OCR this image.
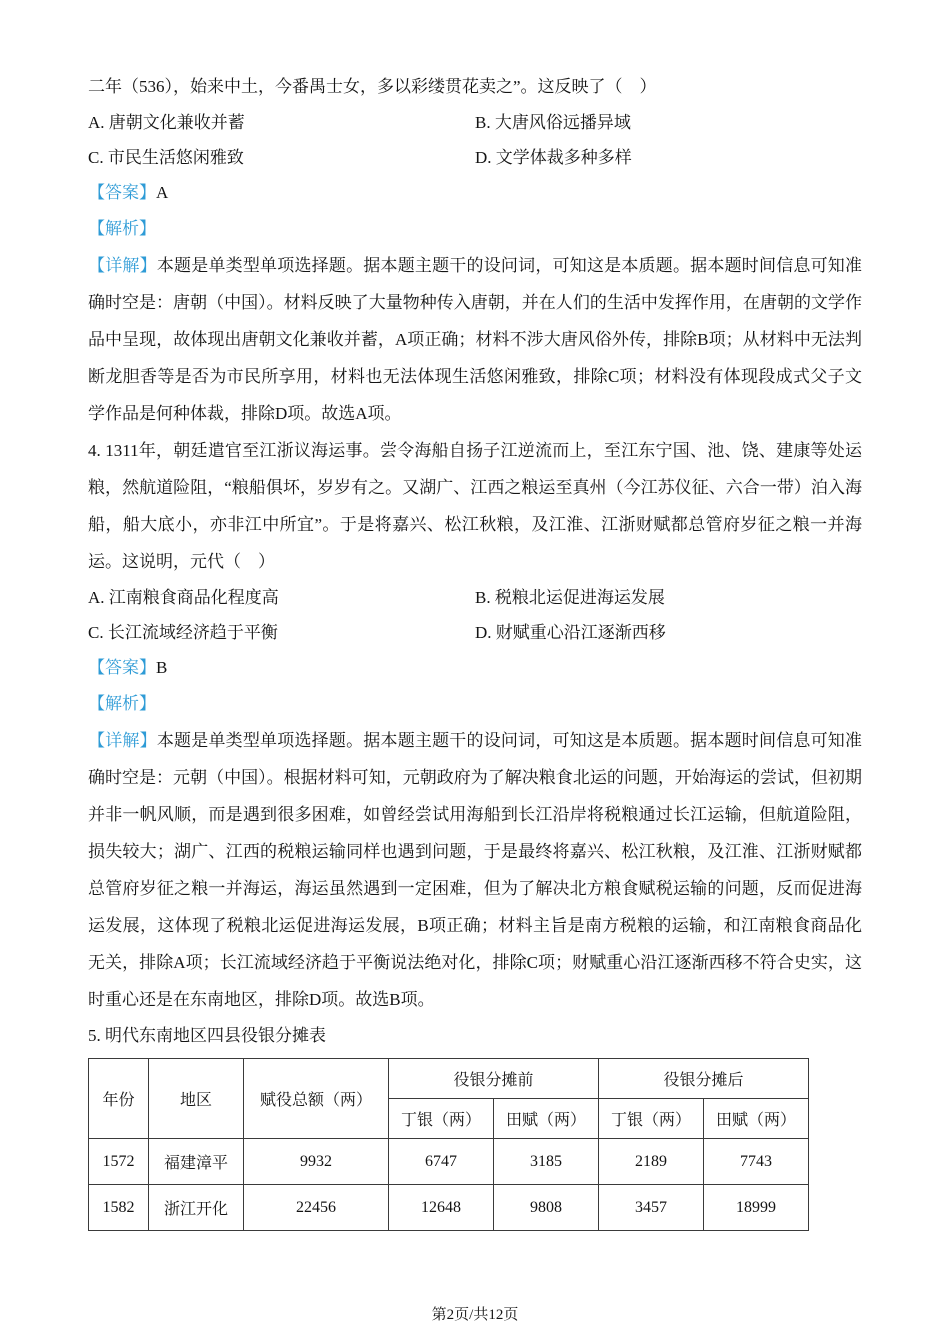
二年（536），始来中土，今番禺士女，多以彩缕贯花卖之”。这反映了（　）

A. 唐朝文化兼收并蓄	B. 大唐风俗远播异域
C. 市民生活悠闲雅致	D. 文学体裁多种多样

【答案】A

【解析】

【详解】本题是单类型单项选择题。据本题主题干的设问词，可知这是本质题。据本题时间信息可知准确时空是：唐朝（中国）。材料反映了大量物种传入唐朝，并在人们的生活中发挥作用，在唐朝的文学作品中呈现，故体现出唐朝文化兼收并蓄，A项正确；材料不涉大唐风俗外传，排除B项；从材料中无法判断龙胆香等是否为市民所享用，材料也无法体现生活悠闲雅致，排除C项；材料没有体现段成式父子文学作品是何种体裁，排除D项。故选A项。

4. 1311年，朝廷遣官至江浙议海运事。尝令海船自扬子江逆流而上，至江东宁国、池、饶、建康等处运粮，然航道险阻，“粮船俱坏，岁岁有之。又湖广、江西之粮运至真州（今江苏仪征、六合一带）泊入海船，船大底小，亦非江中所宜”。于是将嘉兴、松江秋粮，及江淮、江浙财赋都总管府岁征之粮一并海运。这说明，元代（　）

A. 江南粮食商品化程度高	B. 税粮北运促进海运发展
C. 长江流域经济趋于平衡	D. 财赋重心沿江逐渐西移

【答案】B

【解析】

【详解】本题是单类型单项选择题。据本题主题干的设问词，可知这是本质题。据本题时间信息可知准确时空是：元朝（中国）。根据材料可知，元朝政府为了解决粮食北运的问题，开始海运的尝试，但初期并非一帆风顺，而是遇到很多困难，如曾经尝试用海船到长江沿岸将税粮通过长江运输，但航道险阻，损失较大；湖广、江西的税粮运输同样也遇到问题，于是最终将嘉兴、松江秋粮，及江淮、江浙财赋都总管府岁征之粮一并海运，海运虽然遇到一定困难，但为了解决北方粮食赋税运输的问题，反而促进海运发展，这体现了税粮北运促进海运发展，B项正确；材料主旨是南方税粮的运输，和江南粮食商品化无关，排除A项；长江流域经济趋于平衡说法绝对化，排除C项；财赋重心沿江逐渐西移不符合史实，这时重心还是在东南地区，排除D项。故选B项。

5. 明代东南地区四县役银分摊表

年份	地区	赋役总额（两）	役银分摊前		役银分摊后	
			丁银（两）	田赋（两）	丁银（两）	田赋（两）
1572	福建漳平	9932	6747	3185	2189	7743
1582	浙江开化	22456	12648	9808	3457	18999
第2页/共12页
